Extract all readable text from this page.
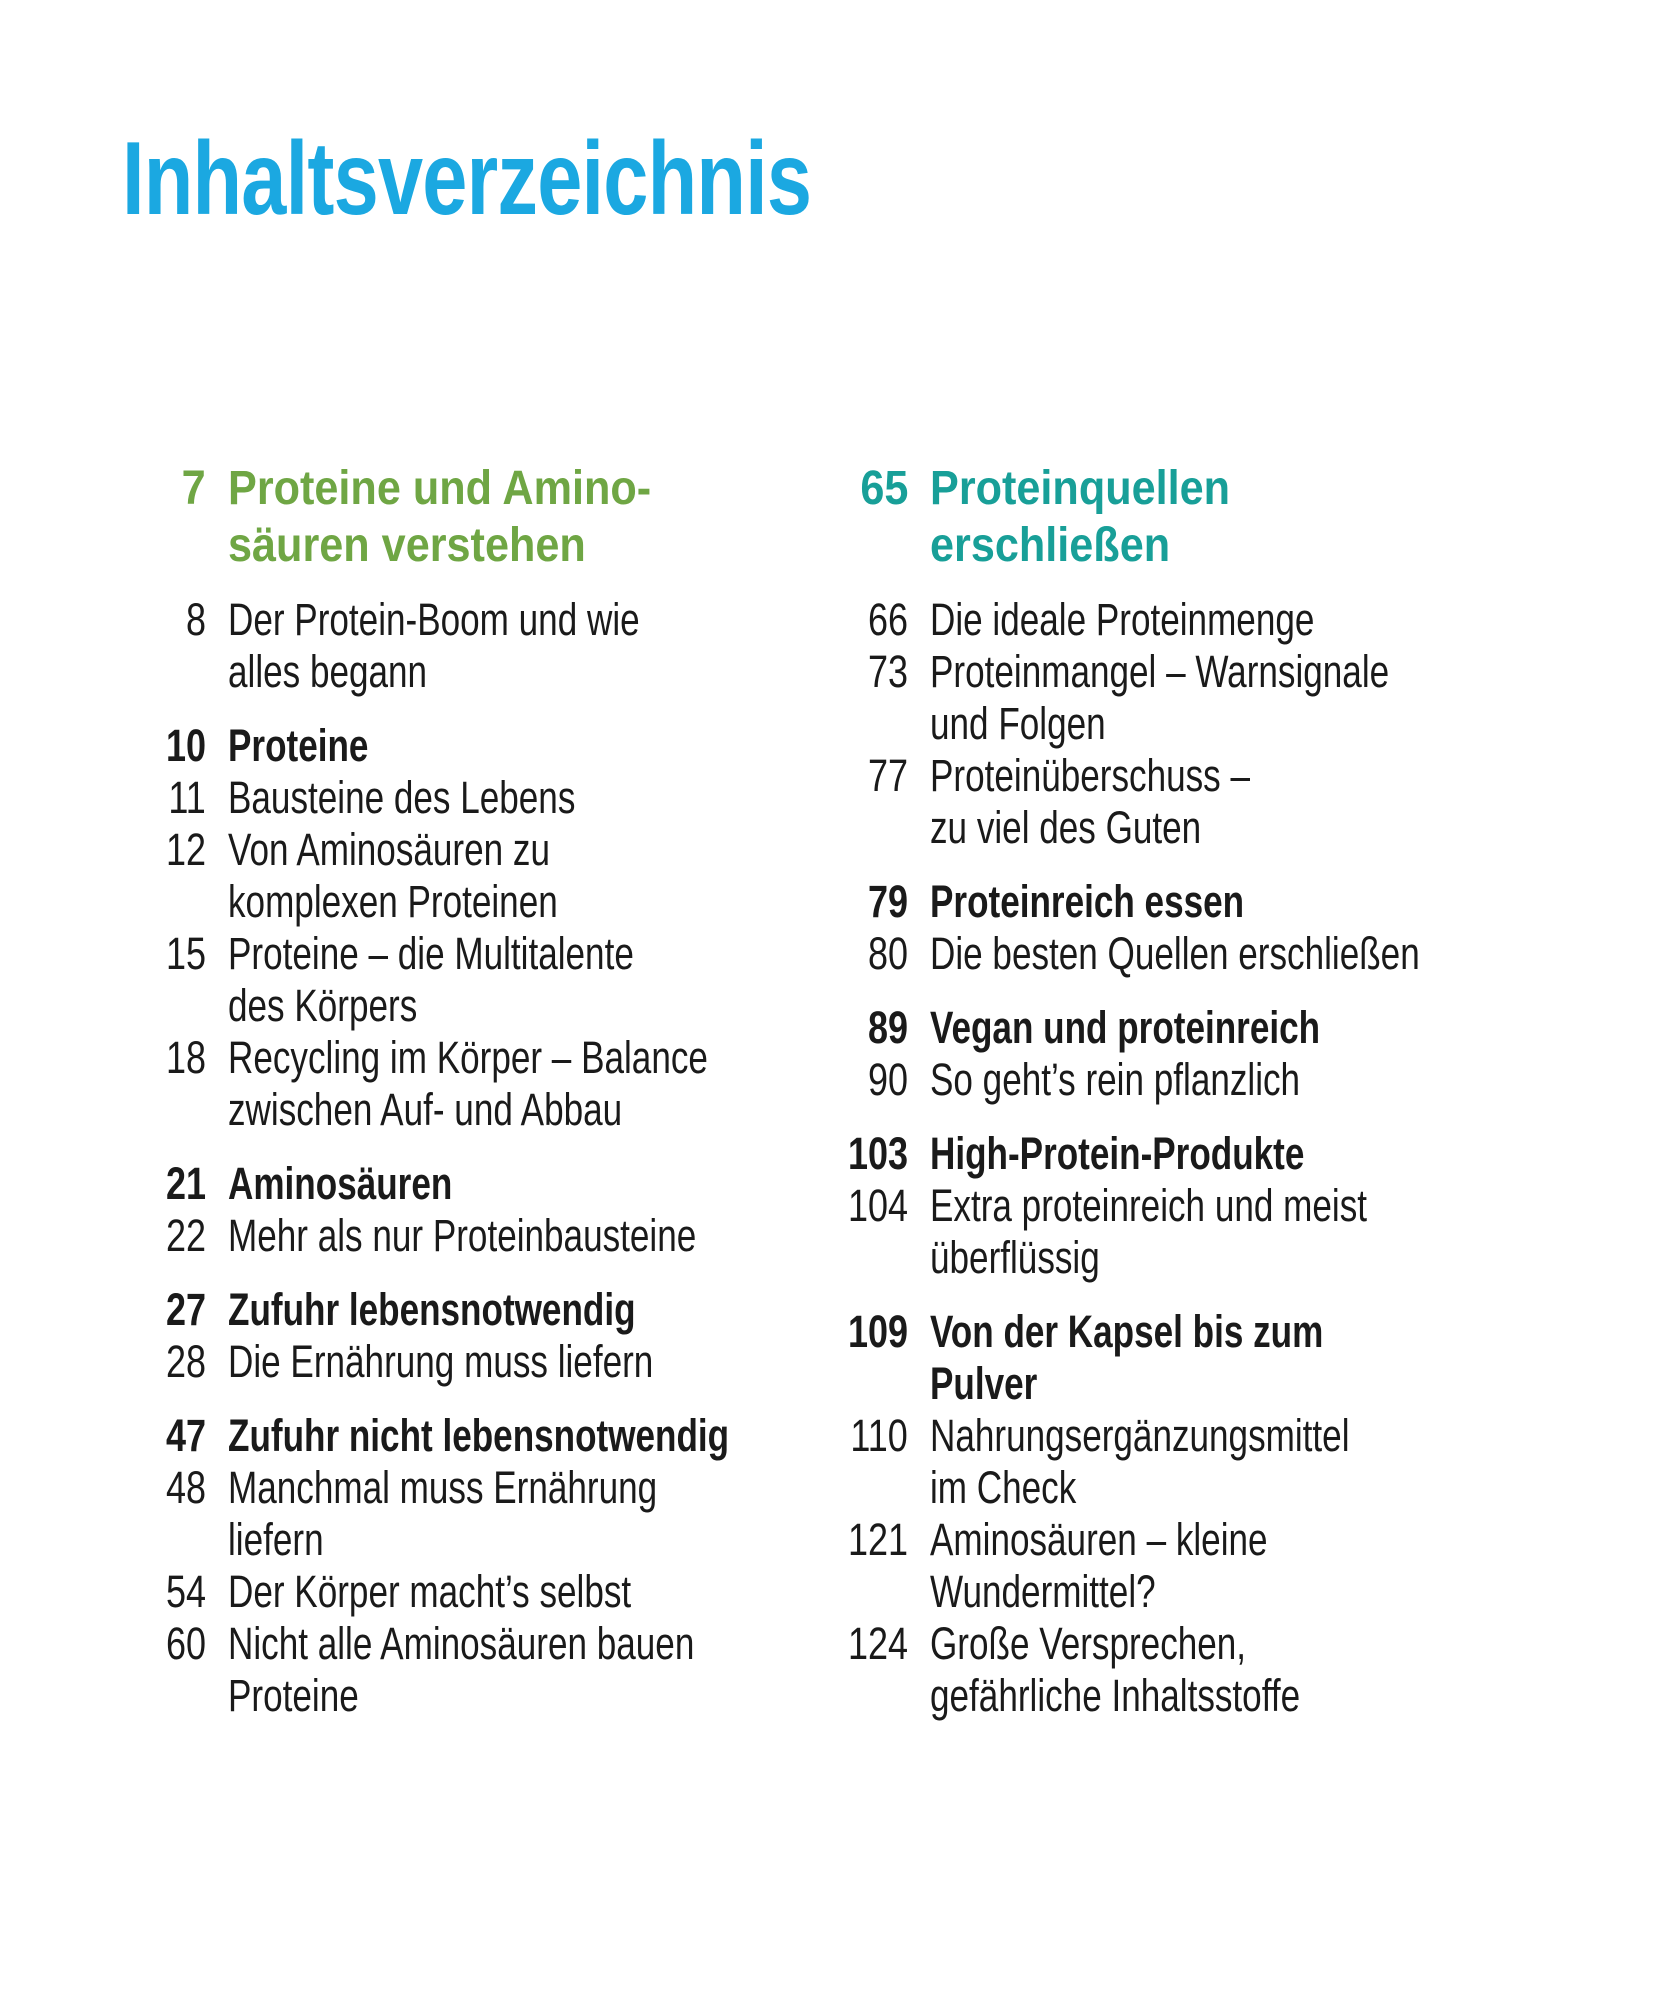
Inhaltsverzeichnis
7 Proteine und Amino-
säuren verstehen
8 Der Protein-Boom und wie
alles begann
10 Proteine
11 Bausteine des Lebens
12 Von Aminosäuren zu
komplexen Proteinen
15 Proteine – die Multitalente
des Körpers
18 Recycling im Körper – Balance
zwischen Auf- und Abbau
21 Aminosäuren
22 Mehr als nur Proteinbausteine
27 Zufuhr lebensnotwendig
28 Die Ernährung muss liefern
47 Zufuhr nicht lebensnotwendig
48 Manchmal muss Ernährung
liefern
54 Der Körper macht’s selbst
60 Nicht alle Aminosäuren bauen
Proteine
65 Proteinquellen
erschließen
66 Die ideale Proteinmenge
73 Proteinmangel – Warnsignale
und Folgen
77 Proteinüberschuss –
zu viel des Guten
79 Proteinreich essen
80 Die besten Quellen erschließen
89 Vegan und proteinreich
90 So geht’s rein pflanzlich
103 High-Protein-Produkte
104 Extra proteinreich und meist
überflüssig
109 Von der Kapsel bis zum
Pulver
110 Nahrungsergänzungsmittel
im Check
121 Aminosäuren – kleine
Wundermittel?
124 Große Versprechen,
gefährliche Inhaltsstoffe
